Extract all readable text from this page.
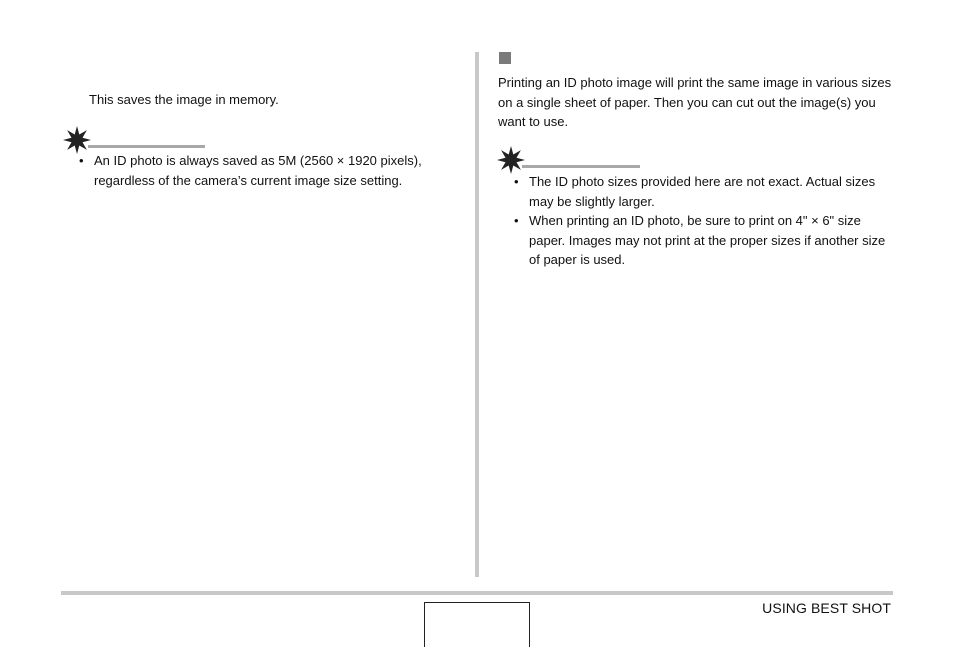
This saves the image in memory.

• An ID photo is always saved as 5M (2560 × 1920 pixels), regardless of the camera’s current image size setting.

Printing an ID photo image will print the same image in various sizes on a single sheet of paper. Then you can cut out the image(s) you want to use.

• The ID photo sizes provided here are not exact. Actual sizes may be slightly larger.
• When printing an ID photo, be sure to print on 4" × 6" size paper. Images may not print at the proper sizes if another size of paper is used.
USING BEST SHOT
